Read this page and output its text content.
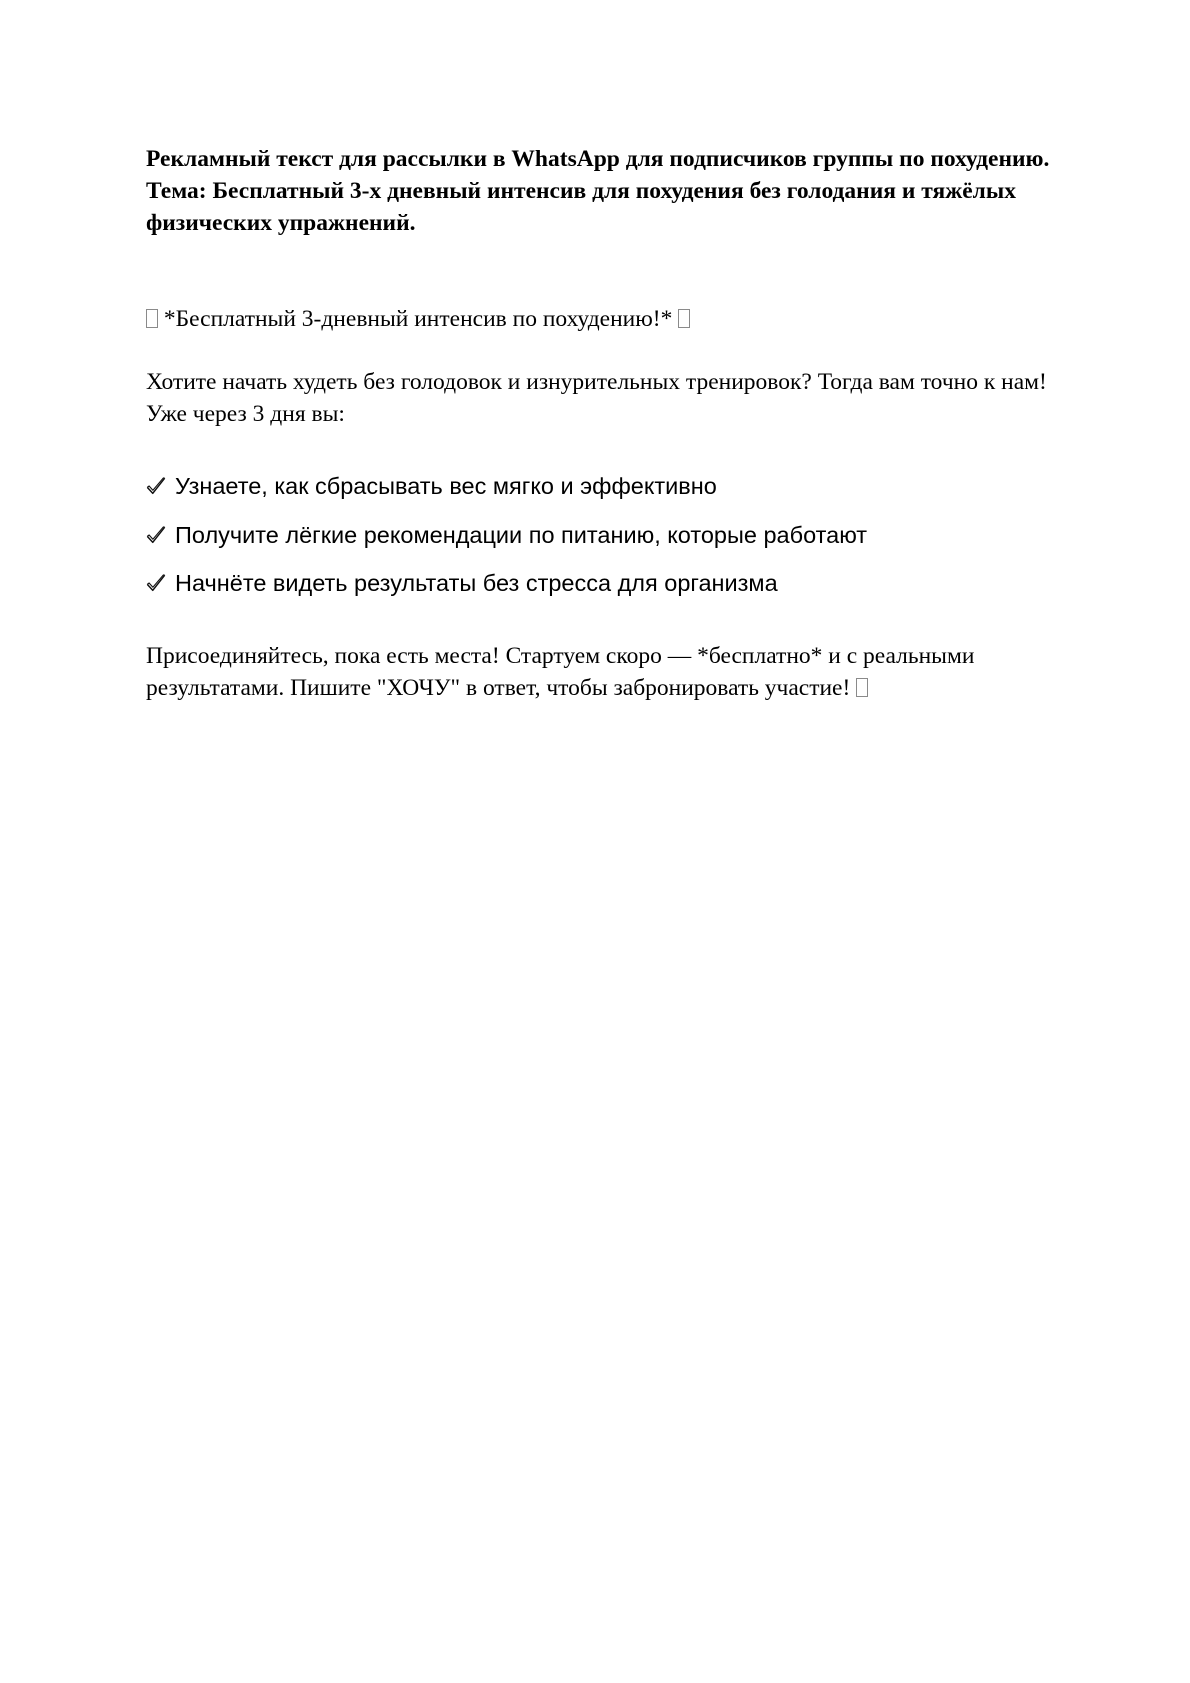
Рекламный текст для рассылки в WhatsApp для подписчиков группы по похудению. Тема: Бесплатный 3-х дневный интенсив для похудения без голодания и тяжёлых физических упражнений.
*Бесплатный 3-дневный интенсив по похудению!*
Хотите начать худеть без голодовок и изнурительных тренировок? Тогда вам точно к нам! Уже через 3 дня вы:
Узнаете, как сбрасывать вес мягко и эффективно
Получите лёгкие рекомендации по питанию, которые работают
Начнёте видеть результаты без стресса для организма
Присоединяйтесь, пока есть места! Стартуем скоро — *бесплатно* и с реальными результатами. Пишите "ХОЧУ" в ответ, чтобы забронировать участие!
